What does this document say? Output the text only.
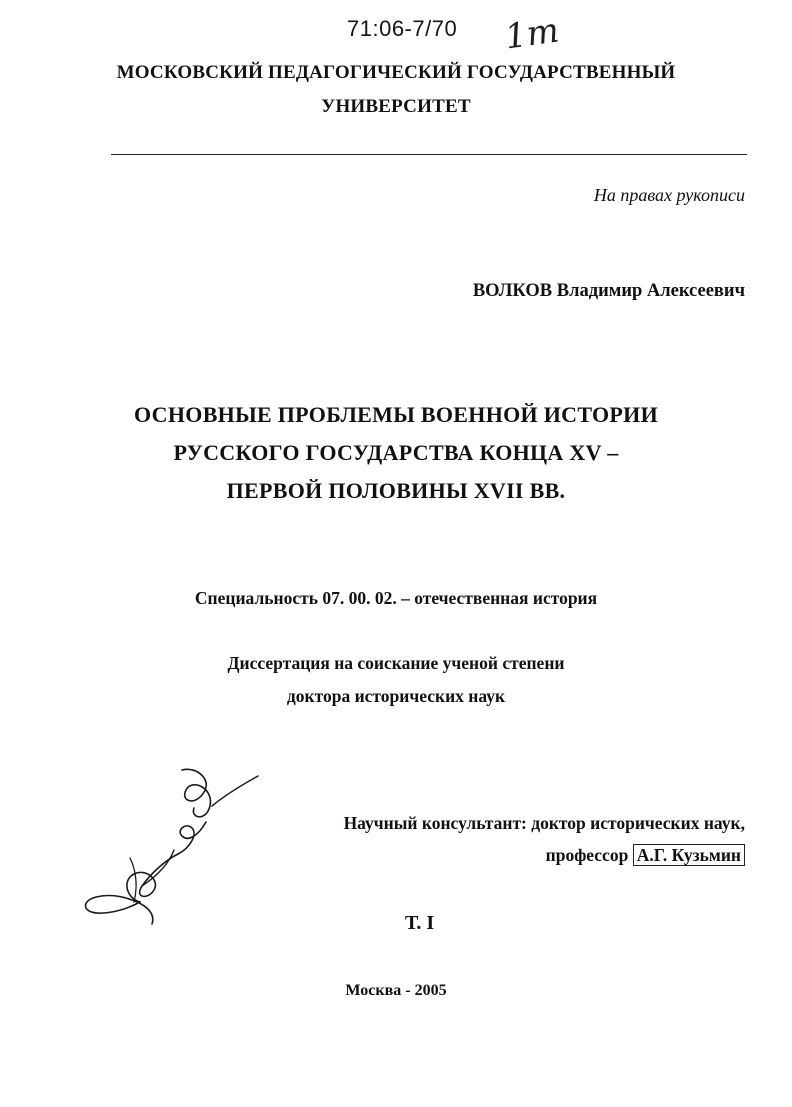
71:06-7/70 1т
МОСКОВСКИЙ ПЕДАГОГИЧЕСКИЙ ГОСУДАРСТВЕННЫЙ
УНИВЕРСИТЕТ
На правах рукописи
ВОЛКОВ Владимир Алексеевич
ОСНОВНЫЕ ПРОБЛЕМЫ ВОЕННОЙ ИСТОРИИ
РУССКОГО ГОСУДАРСТВА КОНЦА XV –
ПЕРВОЙ ПОЛОВИНЫ XVII ВВ.
Специальность 07. 00. 02. – отечественная история
Диссертация на соискание ученой степени
доктора исторических наук
Научный консультант: доктор исторических наук,
профессор А.Г. Кузьмин
Т. I
Москва - 2005
